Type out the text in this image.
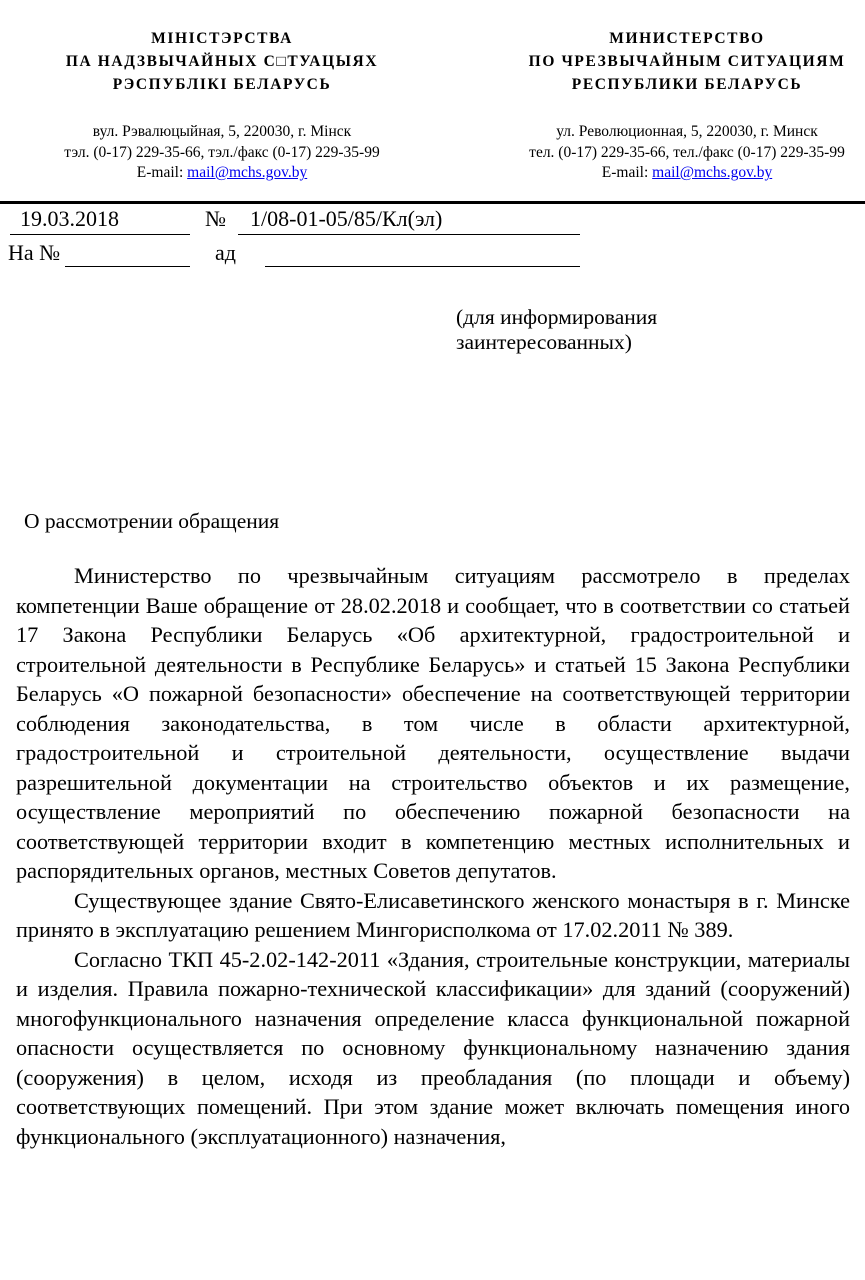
МІНІСТЭРСТВА
ПА НАДЗВЫЧАЙНЫХ С□ТУАЦЫЯХ
РЭСПУБЛІКІ БЕЛАРУСЬ
МИНИСТЕРСТВО
ПО ЧРЕЗВЫЧАЙНЫМ СИТУАЦИЯМ
РЕСПУБЛИКИ БЕЛАРУСЬ
вул. Рэвалюцыйная, 5, 220030, г. Мінск
тэл. (0-17) 229-35-66, тэл./факс (0-17) 229-35-99
E-mail: mail@mchs.gov.by
ул. Революционная, 5, 220030, г. Минск
тел. (0-17) 229-35-66, тел./факс (0-17) 229-35-99
E-mail: mail@mchs.gov.by
19.03.2018	№ 1/08-01-05/85/Кл(эл)
На №	ад
(для информирования
заинтересованных)
О рассмотрении обращения

Министерство по чрезвычайным ситуациям рассмотрело в пределах компетенции Ваше обращение от 28.02.2018 и сообщает, что в соответствии со статьей 17 Закона Республики Беларусь «Об архитектурной, градостроительной и строительной деятельности в Республике Беларусь» и статьей 15 Закона Республики Беларусь «О пожарной безопасности» обеспечение на соответствующей территории соблюдения законодательства, в том числе в области архитектурной, градостроительной и строительной деятельности, осуществление выдачи разрешительной документации на строительство объектов и их размещение, осуществление мероприятий по обеспечению пожарной безопасности на соответствующей территории входит в компетенцию местных исполнительных и распорядительных органов, местных Советов депутатов.

Существующее здание Свято-Елисаветинского женского монастыря в г. Минске принято в эксплуатацию решением Мингорисполкома от 17.02.2011 № 389.

Согласно ТКП 45-2.02-142-2011 «Здания, строительные конструкции, материалы и изделия. Правила пожарно-технической классификации» для зданий (сооружений) многофункционального назначения определение класса функциональной пожарной опасности осуществляется по основному функциональному назначению здания (сооружения) в целом, исходя из преобладания (по площади и объему) соответствующих помещений. При этом здание может включать помещения иного функционального (эксплуатационного) назначения,
